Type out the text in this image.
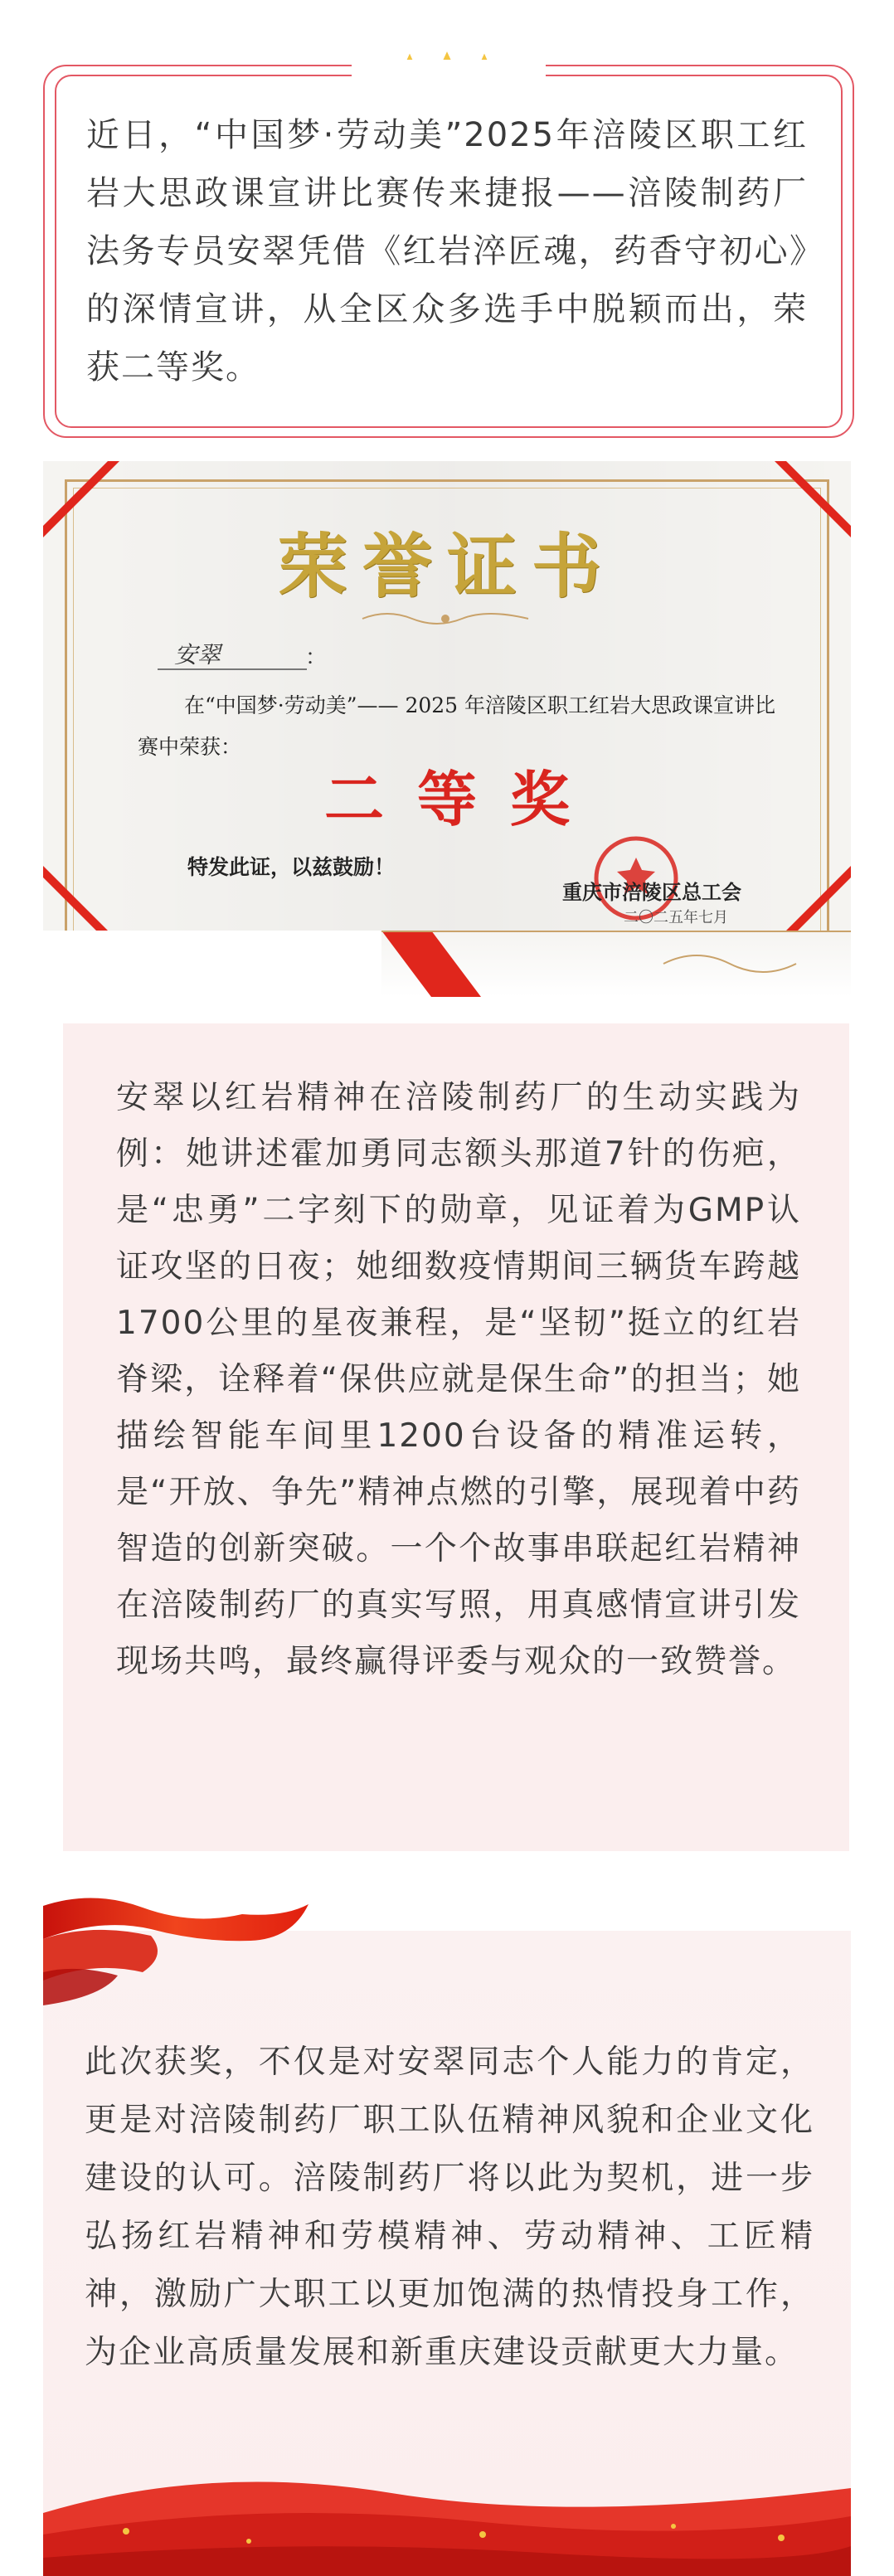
近日，“中国梦·劳动美”2025年涪陵区职工红岩大思政课宣讲比赛传来捷报——涪陵制药厂法务专员安翠凭借《红岩淬匠魂，药香守初心》的深情宣讲，从全区众多选手中脱颖而出，荣获二等奖。

荣誉证书
安翠	：

在“中国梦·劳动美”—— 2025 年涪陵区职工红岩大思政课宣讲比赛中荣获：

二等奖
特发此证，以兹鼓励！
重庆市涪陵区总工会
二〇二五年七月

安翠以红岩精神在涪陵制药厂的生动实践为例：她讲述霍加勇同志额头那道7针的伤疤，是“忠勇”二字刻下的勋章，见证着为GMP认证攻坚的日夜；她细数疫情期间三辆货车跨越1700公里的星夜兼程，是“坚韧”挺立的红岩脊梁，诠释着“保供应就是保生命”的担当；她描绘智能车间里1200台设备的精准运转，是“开放、争先”精神点燃的引擎，展现着中药智造的创新突破。一个个故事串联起红岩精神在涪陵制药厂的真实写照，用真感情宣讲引发现场共鸣，最终赢得评委与观众的一致赞誉。

此次获奖，不仅是对安翠同志个人能力的肯定，更是对涪陵制药厂职工队伍精神风貌和企业文化建设的认可。涪陵制药厂将以此为契机，进一步弘扬红岩精神和劳模精神、劳动精神、工匠精神，激励广大职工以更加饱满的热情投身工作，为企业高质量发展和新重庆建设贡献更大力量。
